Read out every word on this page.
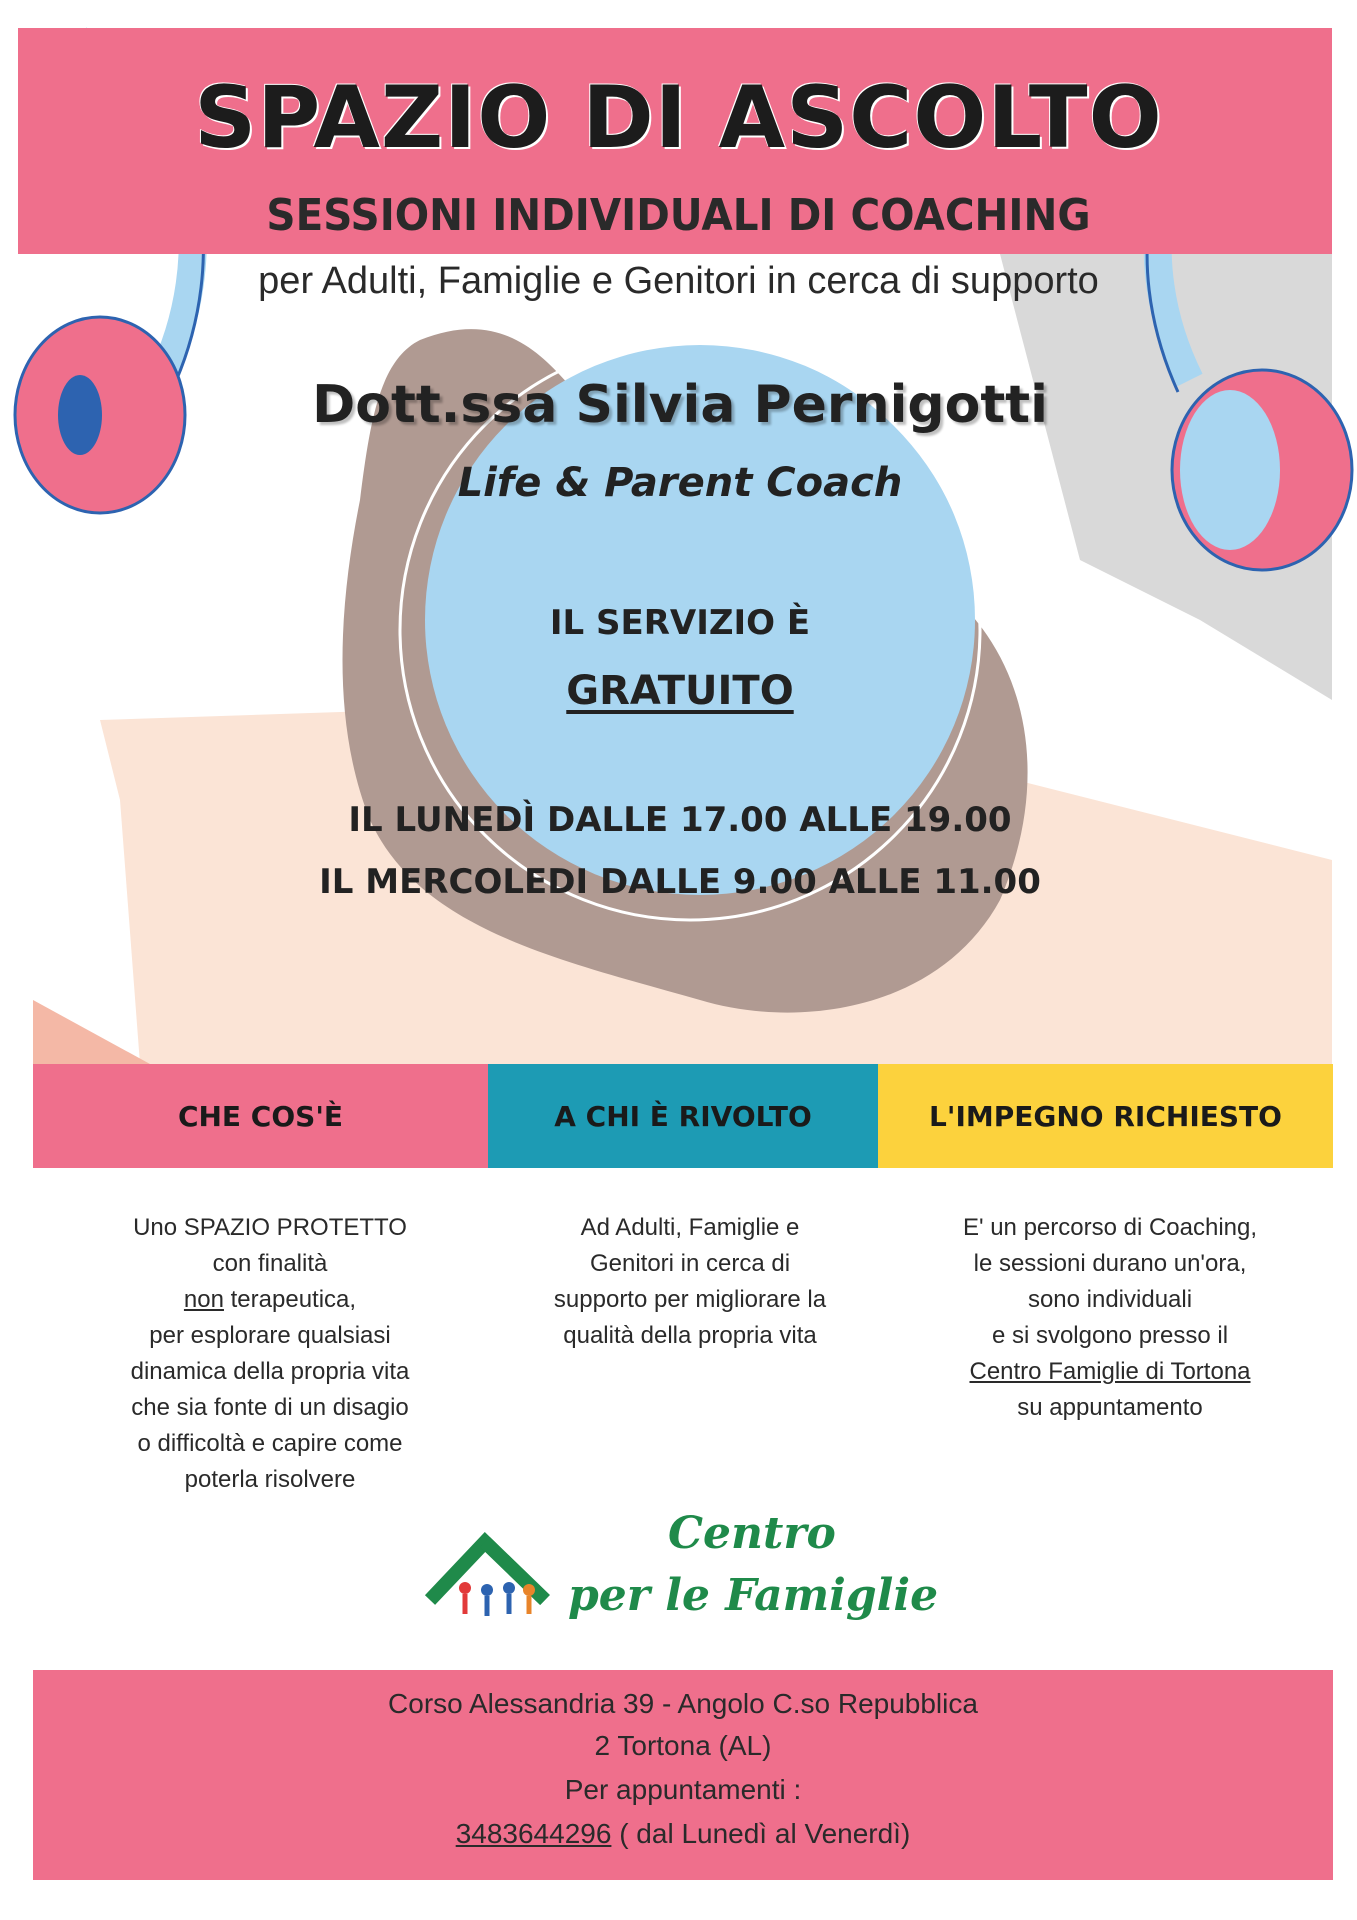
SPAZIO DI ASCOLTO
SESSIONI INDIVIDUALI DI COACHING
per Adulti, Famiglie e Genitori in cerca di supporto
Dott.ssa Silvia Pernigotti
Life & Parent Coach
IL SERVIZIO È
GRATUITO
IL LUNEDÌ DALLE 17.00 ALLE 19.00
IL MERCOLEDI DALLE 9.00 ALLE 11.00
CHE COS'È	A CHI È RIVOLTO	L'IMPEGNO RICHIESTO

Uno SPAZIO PROTETTO

con finalità

non terapeutica,

per esplorare qualsiasi

dinamica della propria vita

che sia fonte di un disagio

o difficoltà e capire come

poterla risolvere

Ad Adulti, Famiglie e

Genitori in cerca di

supporto per migliorare la

qualità della propria vita

E' un percorso di Coaching,

le sessioni durano un'ora,

sono individuali

e si svolgono presso il

Centro Famiglie di Tortona

su appuntamento

Centro
per le Famiglie
Corso Alessandria 39 - Angolo C.so Repubblica
2 Tortona (AL)
Per appuntamenti :
3483644296 ( dal Lunedì al Venerdì)
